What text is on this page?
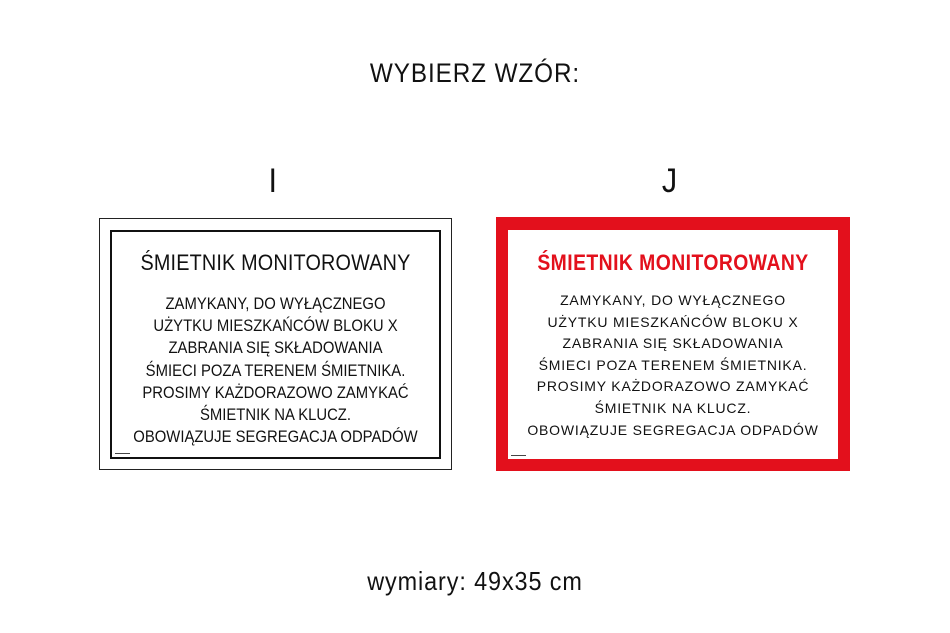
WYBIERZ WZÓR:
I	J
ŚMIETNIK MONITOROWANY
ZAMYKANY, DO WYŁĄCZNEGO
UŻYTKU MIESZKAŃCÓW BLOKU X
ZABRANIA SIĘ SKŁADOWANIA
ŚMIECI POZA TERENEM ŚMIETNIKA.
PROSIMY KAŻDORAZOWO ZAMYKAĆ
ŚMIETNIK NA KLUCZ.
OBOWIĄZUJE SEGREGACJA ODPADÓW
▬▬▬▬▬
ŚMIETNIK MONITOROWANY
ZAMYKANY, DO WYŁĄCZNEGO
UŻYTKU MIESZKAŃCÓW BLOKU X
ZABRANIA SIĘ SKŁADOWANIA
ŚMIECI POZA TERENEM ŚMIETNIKA.
PROSIMY KAŻDORAZOWO ZAMYKAĆ
ŚMIETNIK NA KLUCZ.
OBOWIĄZUJE SEGREGACJA ODPADÓW
▬▬▬▬▬
wymiary: 49x35 cm
